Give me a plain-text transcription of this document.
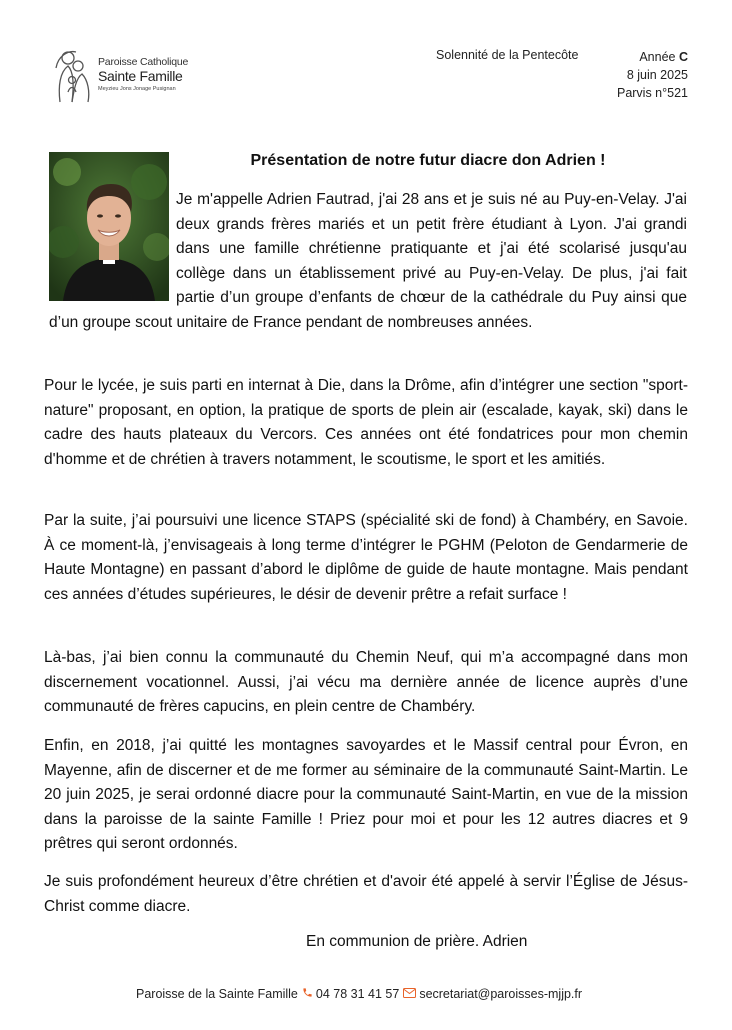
Paroisse Catholique
Sainte Famille
Meyzieu Jons Jonage Pusignan
Solennité de la Pentecôte	Année C
8 juin 2025
Parvis n°521
Présentation de notre futur diacre don Adrien !
Je m'appelle Adrien Fautrad, j'ai 28 ans et je suis né au Puy-en-Velay. J'ai deux grands frères mariés et un petit frère étudiant à Lyon. J'ai grandi dans une famille chrétienne pratiquante et j'ai été scolarisé jusqu'au collège dans un établissement privé au Puy-en-Velay. De plus, j'ai fait partie d’un groupe d’enfants de chœur de la cathédrale du Puy ainsi que d’un groupe scout unitaire de France pendant de nombreuses années.
Pour le lycée, je suis parti en internat à Die, dans la Drôme, afin d’intégrer une section "sport-nature" proposant, en option, la pratique de sports de plein air (escalade, kayak, ski) dans le cadre des hauts plateaux du Vercors. Ces années ont été fondatrices pour mon chemin d'homme et de chrétien à travers notamment, le scoutisme, le sport et les amitiés.
Par la suite, j’ai poursuivi une licence STAPS (spécialité ski de fond) à Chambéry, en Savoie. À ce moment-là, j’envisageais à long terme d’intégrer le PGHM (Peloton de Gendarmerie de Haute Montagne) en passant d’abord le diplôme de guide de haute montagne. Mais pendant ces années d’études supérieures, le désir de devenir prêtre a refait surface !
Là-bas, j’ai bien connu la communauté du Chemin Neuf, qui m’a accompagné dans mon discernement vocationnel. Aussi, j’ai vécu ma dernière année de licence auprès d’une communauté de frères capucins, en plein centre de Chambéry.
Enfin, en 2018, j’ai quitté les montagnes savoyardes et le Massif central pour Évron, en Mayenne, afin de discerner et de me former au séminaire de la communauté Saint-Martin. Le 20 juin 2025, je serai ordonné diacre pour la communauté Saint-Martin, en vue de la mission dans la paroisse de la sainte Famille ! Priez pour moi et pour les 12 autres diacres et 9 prêtres qui seront ordonnés.
Je suis profondément heureux d’être chrétien et d'avoir été appelé à servir l’Église de Jésus-Christ comme diacre.
En communion de prière. Adrien
Paroisse de la Sainte Famille 04 78 31 41 57 secretariat@paroisses-mjjp.fr
